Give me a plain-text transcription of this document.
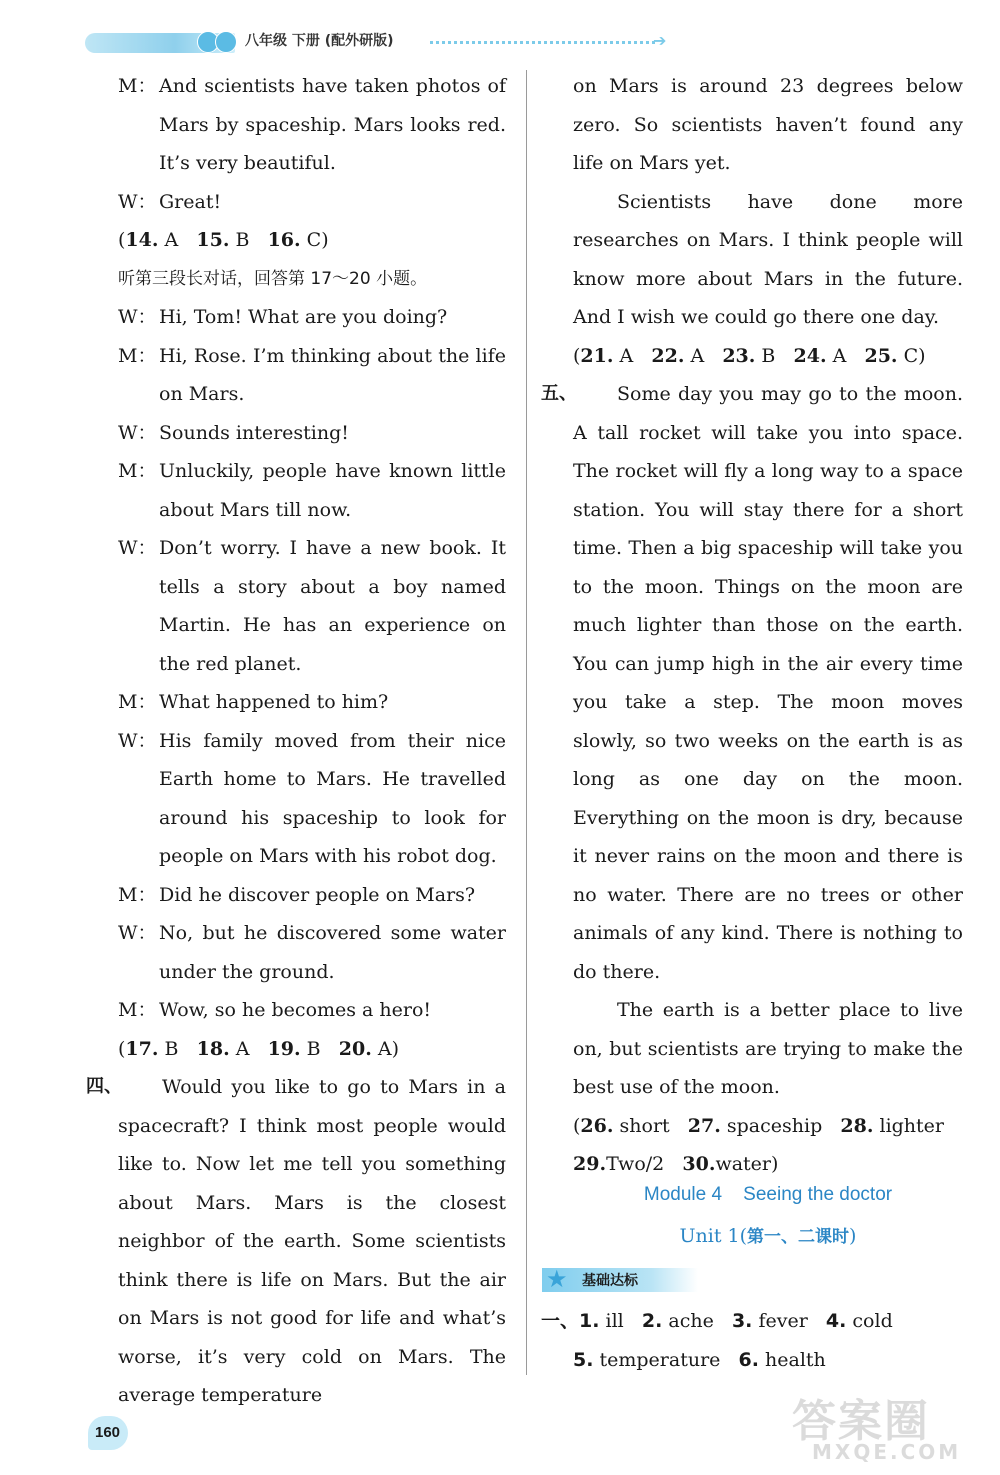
八年级 下册 (配外研版)	➔
M： And scientists have taken photos of Mars by spaceship. Mars looks red. It’s very beautiful.
W： Great!
(14. A 15. B 16. C)
听第三段长对话，回答第 17～20 小题。
W： Hi, Tom! What are you doing?
M： Hi, Rose. I’m thinking about the life on Mars.
W： Sounds interesting!
M： Unluckily, people have known little about Mars till now.
W： Don’t worry. I have a new book. It tells a story about a boy named Martin. He has an experience on the red planet.
M： What happened to him?
W： His family moved from their nice Earth home to Mars. He travelled around his spaceship to look for people on Mars with his robot dog.
M： Did he discover people on Mars?
W： No, but he discovered some water under the ground.
M： Wow, so he becomes a hero!
(17. B 18. A 19. B 20. A)
四、	Would you like to go to Mars in a spacecraft? I think most people would like to. Now let me tell you something about Mars. Mars is the closest neighbor of the earth. Some scientists think there is life on Mars. But the air on Mars is not good for life and what’s worse, it’s very cold on Mars. The average temperature
on Mars is around 23 degrees below zero. So scientists haven’t found any life on Mars yet.
Scientists have done more researches on Mars. I think people will know more about Mars in the future. And I wish we could go there one day.
(21. A 22. A 23. B 24. A 25. C)
五、	Some day you may go to the moon. A tall rocket will take you into space. The rocket will fly a long way to a space station. You will stay there for a short time. Then a big spaceship will take you to the moon. Things on the moon are much lighter than those on the earth. You can jump high in the air every time you take a step. The moon moves slowly, so two weeks on the earth is as long as one day on the moon. Everything on the moon is dry, because it never rains on the moon and there is no water. There are no trees or other animals of any kind. There is nothing to do there.
The earth is a better place to live on, but scientists are trying to make the best use of the moon.
(26. short 27. spaceship 28. lighter
29.Two/2 30.water)
Module 4    Seeing the doctor
Unit 1(第一、二课时)
★ 基础达标
一、1. ill 2. ache 3. fever 4. cold
5. temperature 6. health
160	答案圈
MXQE.COM
